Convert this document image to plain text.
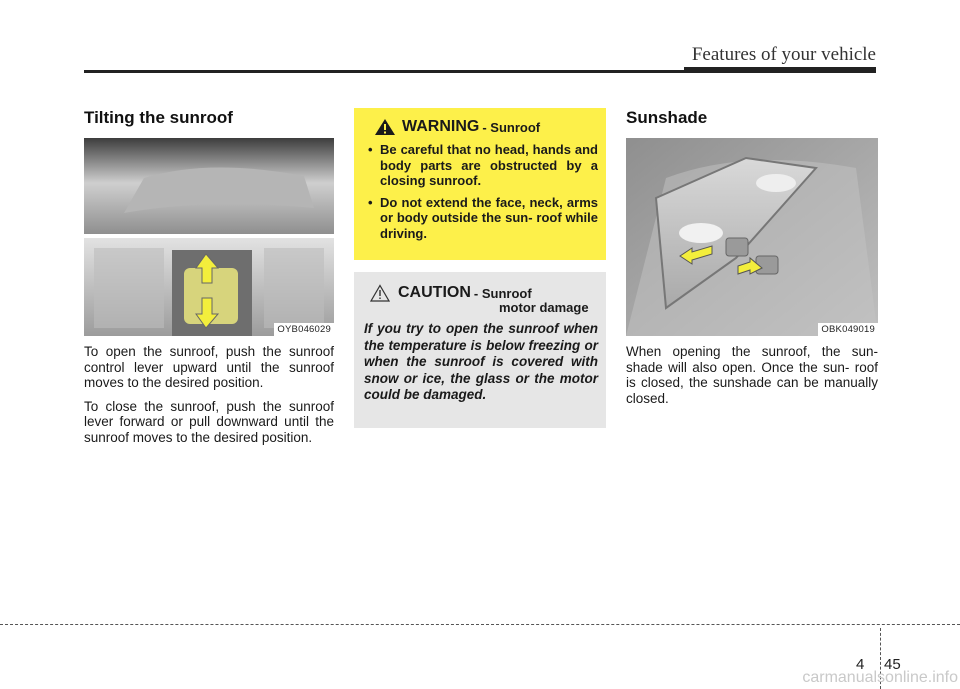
Features of your vehicle
Tilting the sunroof
OYB046029

To open the sunroof, push the sunroof control lever upward until the sunroof moves to the desired position.

To close the sunroof, push the sunroof lever forward or pull downward until the sunroof moves to the desired position.

WARNING - Sunroof
• Be careful that no head, hands and body parts are obstructed by a closing sunroof.
• Do not extend the face, neck, arms or body outside the sun- roof while driving.
CAUTION - Sunroof
motor damage
If you try to open the sunroof when the temperature is below freezing or when the sunroof is covered with snow or ice, the glass or the motor could be damaged.
Sunshade
OBK049019

When opening the sunroof, the sun- shade will also open. Once the sun- roof is closed, the sunshade can be manually closed.

4 45
carmanualsonline.info
